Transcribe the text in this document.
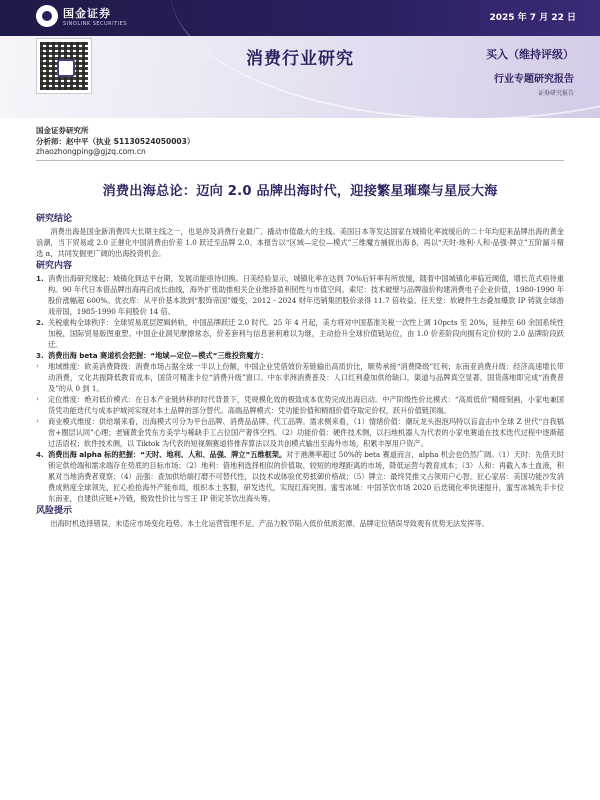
国金证券
SINOLINK SECURITIES
2025 年 7 月 22 日
消费行业研究	买入（维持评级）
行业专题研究报告
证券研究报告
国金证券研究所
分析师：赵中平（执业 S1130524050003）
zhaozhongping@gjzq.com.cn
消费出海总论：迈向 2.0 品牌出海时代，迎接繁星璀璨与星辰大海
研究结论
消费出海是国金新消费四大长期主线之一，也是涉及消费行业最广、撬动市值最大的主线。美国日本等发达国家在城镇化率波缓后的二十年均迎来品牌出海的黄金浪潮，当下贸易或 2.0 正催化中国消费由价差 1.0 跃迁至品牌 2.0。本报告以“区域—定位—模式”三维魔方捕捉出海 β，再以“天时·地利·人和·品强·牌立”五阶漏斗精选 α，共同发掘更广阔的出海投资机会。
研究内容
1. 消费出海研究缘起：城镇化到达平台期，发展动能亟待切换。日美经验显示，城镇化率在达到 70%后轩率有所放缓，随着中国城镇化率临近阈值，增长范式亟待重构。90 年代日本借品牌出海再启成长曲线，海外扩张助推相关企业维持盈利韧性与市值空间。索尼：技术破壁与品牌溢价构建消费电子企业价值，1980-1990 年股价涨幅超 600%。优衣库：从平价基本款到“服饰帝国”嬗变，2012 - 2024 财年迅销集团股价录得 11.7 倍收益。任天堂：软硬件生态叠加爆款 IP 铸就全球游戏帝国，1985-1990 年间股价 14 倍。
2. 关税重构全球秩序：全球贸易底层逻辑转轨，中国品牌跃迁 2.0 时代。25 年 4 月起，美方将对中国基准关税一次性上调 10pcts 至 20%，延伸至 60 余国系统性加税，国际贸易版图重塑。中国企业洞见摩擦常态，价差套利与信息套利难以为继，主动拾升全球价值链站位，由 1.0 价差阶段向拥有定价权的 2.0 品牌阶段跃迁。
3. 消费出海 beta 赛道机会把握：“地域—定位—模式”三维投资魔方：
›	地域维度：欧美消费降级：消费市场占据全球一半以上份额，中国企业凭借效价差链输出高质价比，顺势承接“消费降级”红利；东南亚消费升级：经济高速增长带动消费，文化共振降低教育成本，国货可精准卡位“消费升级”窗口。中东非洲消费普及：人口红利叠加供给缺口，渠道与品牌真空显著，国货落地即完成“消费普及”的从 0 到 1。
›	定位维度：绝对低价模式：在日本产业链转移的时代背景下，凭规模化效的极致成本优势完成出海启动。中产阶级性价比模式：“高质低价”精细刻画，小家电兼国货凭功能迭代与成本护城河实现对本土品牌的部分替代。高端品牌模式：凭功能价值和精细价值夺取定价权，跃升价值链顶端。
›	商业模式维度：供给端来看，出海模式可分为平台品牌、消费品品牌、代工品牌。需求侧来看，（1）情绪价值：潮玩龙头泡泡玛特以盲盒击中全球 Z 世代“自我犒赏+圈层认同”心理；老铺黄金凭东方美学与稀缺手工占位国产奢侈空档。（2）功能价值：硬件技术侧，以扫地机器人为代表的小家电赛道在技术迭代过程中逐渐超过活语权；软件技术侧，以 Tiktok 为代表的短视频赛道将推荐算法以及共创模式输出至海外市场，积累丰厚用户资产。
4. 消费出海 alpha 标的把握：“天时、地利、人和、品强、牌立”五维框架。对于港澳率超过 50%的 beta 赛道而言，alpha 机会也仍然广阔。（1）天时：先借天时锁定供给端和需求端存在势底的目标市场；（2）地利：借地利选择相似的价值取、较短的地理距离的市场，降低运营与教育成本；（3）人和：再截入本土血液，积累对当地消费者观察；（4）品强：查加供给端打磨不可替代性，以技术或体验优势抵御价格战；（5）牌立：最终凭推文占领用户心智。匠心家居：美国功能沙发消费成熟度全球领先，匠心抢抢海外产能布局，组织本土客服，研发迭代，实现红海突围。蜜雪冰城：中国茶饮市场 2020 后迭镜化率快速提升，蜜雪冰城先手卡位东南亚，自建供应链+冷链，极致性价比与雪王 IP 锁定茶饮出海头筹。
风险提示
出海时机选择错误、未适应市场变化趋势、本土化运营管理不足、产品力脱节陷入低价低质泥潭、品牌定位错误导致观有优势无法发挥等。
